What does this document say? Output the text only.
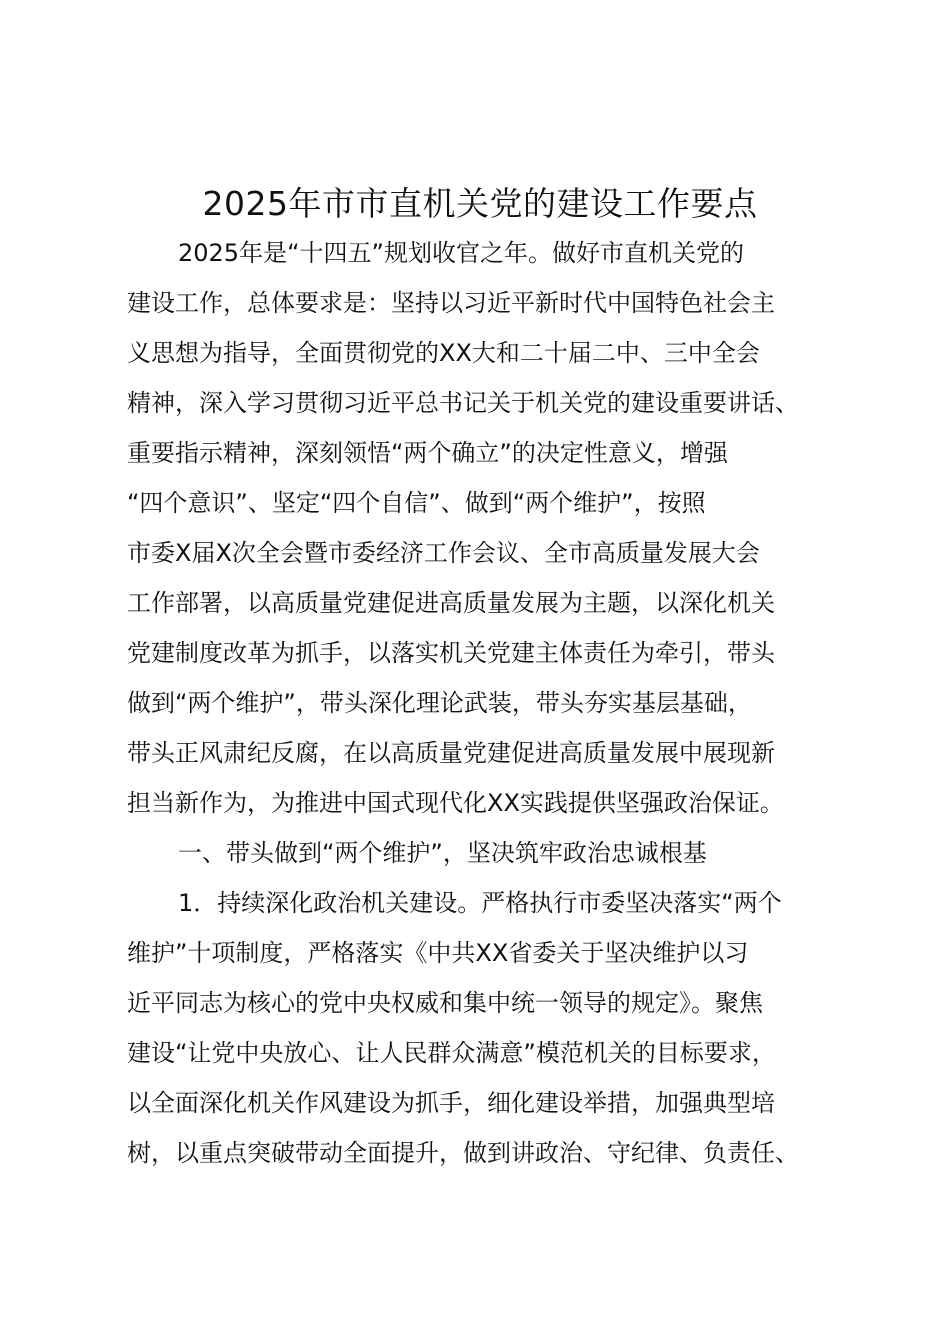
2025年市市直机关党的建设工作要点
2025年是“十四五”规划收官之年。做好市直机关党的
建设工作，总体要求是：坚持以习近平新时代中国特色社会主
义思想为指导，全面贯彻党的XX大和二十届二中、三中全会
精神，深入学习贯彻习近平总书记关于机关党的建设重要讲话、
重要指示精神，深刻领悟“两个确立”的决定性意义，增强
“四个意识”、坚定“四个自信”、做到“两个维护”，按照
市委X届X次全会暨市委经济工作会议、全市高质量发展大会
工作部署，以高质量党建促进高质量发展为主题，以深化机关
党建制度改革为抓手，以落实机关党建主体责任为牵引，带头
做到“两个维护”，带头深化理论武装，带头夯实基层基础，
带头正风肃纪反腐，在以高质量党建促进高质量发展中展现新
担当新作为，为推进中国式现代化XX实践提供坚强政治保证。
一、带头做到“两个维护”，坚决筑牢政治忠诚根基
1．持续深化政治机关建设。严格执行市委坚决落实“两个
维护”十项制度，严格落实《中共XX省委关于坚决维护以习
近平同志为核心的党中央权威和集中统一领导的规定》。聚焦
建设“让党中央放心、让人民群众满意”模范机关的目标要求，
以全面深化机关作风建设为抓手，细化建设举措，加强典型培
树，以重点突破带动全面提升，做到讲政治、守纪律、负责任、
